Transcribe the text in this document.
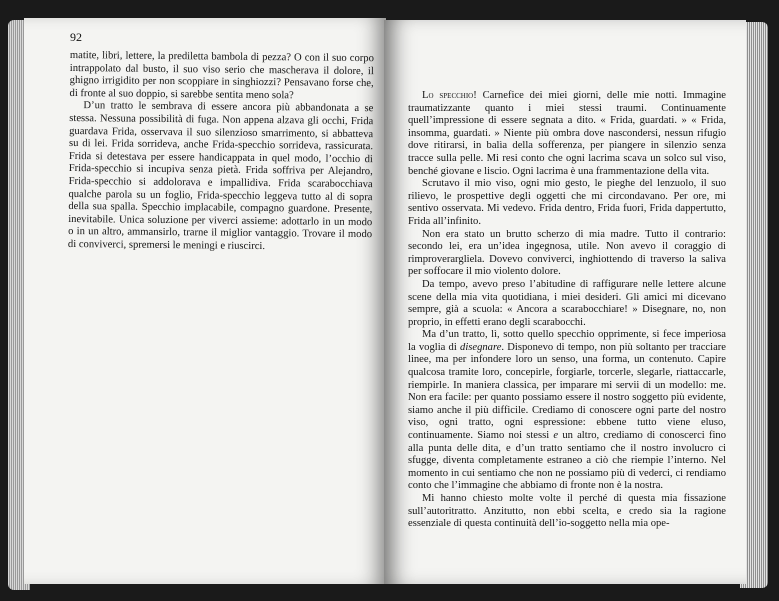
92

matite, libri, lettere, la prediletta bambola di pezza? O con il suo corpo intrappolato dal busto, il suo viso serio che mascherava il dolore, il ghigno irrigidito per non scoppiare in singhiozzi? Pensavano forse che, di fronte al suo doppio, si sarebbe sentita meno sola?

D’un tratto le sembrava di essere ancora più abbandonata a se stessa. Nessuna possibilità di fuga. Non appena alzava gli occhi, Frida guardava Frida, osservava il suo silenzioso smarrimento, si abbatteva su di lei. Frida sorrideva, anche Frida-specchio sorrideva, rassicurata. Frida si detestava per essere handicappata in quel modo, l’occhio di Frida-specchio si incupiva senza pietà. Frida soffriva per Alejandro, Frida-specchio si addolorava e impallidiva. Frida scarabocchiava qualche parola su un foglio, Frida-specchio leggeva tutto al di sopra della sua spalla. Specchio implacabile, compagno guardone. Presente, inevitabile. Unica soluzione per viverci assieme: adottarlo in un modo o in un altro, ammansirlo, trarne il miglior vantaggio. Trovare il modo di conviverci, spremersi le meningi e riuscirci.

Lo specchio! Carnefice dei miei giorni, delle mie notti. Immagine traumatizzante quanto i miei stessi traumi. Continuamente quell’impressione di essere segnata a dito. « Frida, guardati. » « Frida, insomma, guardati. » Niente più ombra dove nascondersi, nessun rifugio dove ritirarsi, in balìa della sofferenza, per piangere in silenzio senza tracce sulla pelle. Mi resi conto che ogni lacrima scava un solco sul viso, benché giovane e liscio. Ogni lacrima è una frammentazione della vita.

Scrutavo il mio viso, ogni mio gesto, le pieghe del lenzuolo, il suo rilievo, le prospettive degli oggetti che mi circondavano. Per ore, mi sentivo osservata. Mi vedevo. Frida dentro, Frida fuori, Frida dappertutto, Frida all’infinito.

Non era stato un brutto scherzo di mia madre. Tutto il contrario: secondo lei, era un’idea ingegnosa, utile. Non avevo il coraggio di rimproverargliela. Dovevo conviverci, inghiottendo di traverso la saliva per soffocare il mio violento dolore.

Da tempo, avevo preso l’abitudine di raffigurare nelle lettere alcune scene della mia vita quotidiana, i miei desideri. Gli amici mi dicevano sempre, già a scuola: « Ancora a scarabocchiare! » Disegnare, no, non proprio, in effetti erano degli scarabocchi.

Ma d’un tratto, lì, sotto quello specchio opprimente, si fece imperiosa la voglia di disegnare. Disponevo di tempo, non più soltanto per tracciare linee, ma per infondere loro un senso, una forma, un contenuto. Capire qualcosa tramite loro, concepirle, forgiarle, torcerle, slegarle, riattaccarle, riempirle. In maniera classica, per imparare mi servii di un modello: me. Non era facile: per quanto possiamo essere il nostro soggetto più evidente, siamo anche il più difficile. Crediamo di conoscere ogni parte del nostro viso, ogni tratto, ogni espressione: ebbene tutto viene eluso, continuamente. Siamo noi stessi e un altro, crediamo di conoscerci fino alla punta delle dita, e d’un tratto sentiamo che il nostro involucro ci sfugge, diventa completamente estraneo a ciò che riempie l’interno. Nel momento in cui sentiamo che non ne possiamo più di vederci, ci rendiamo conto che l’immagine che abbiamo di fronte non è la nostra.

Mi hanno chiesto molte volte il perché di questa mia fissazione sull’autoritratto. Anzitutto, non ebbi scelta, e credo sia la ragione essenziale di questa continuità dell’io-soggetto nella mia ope-
